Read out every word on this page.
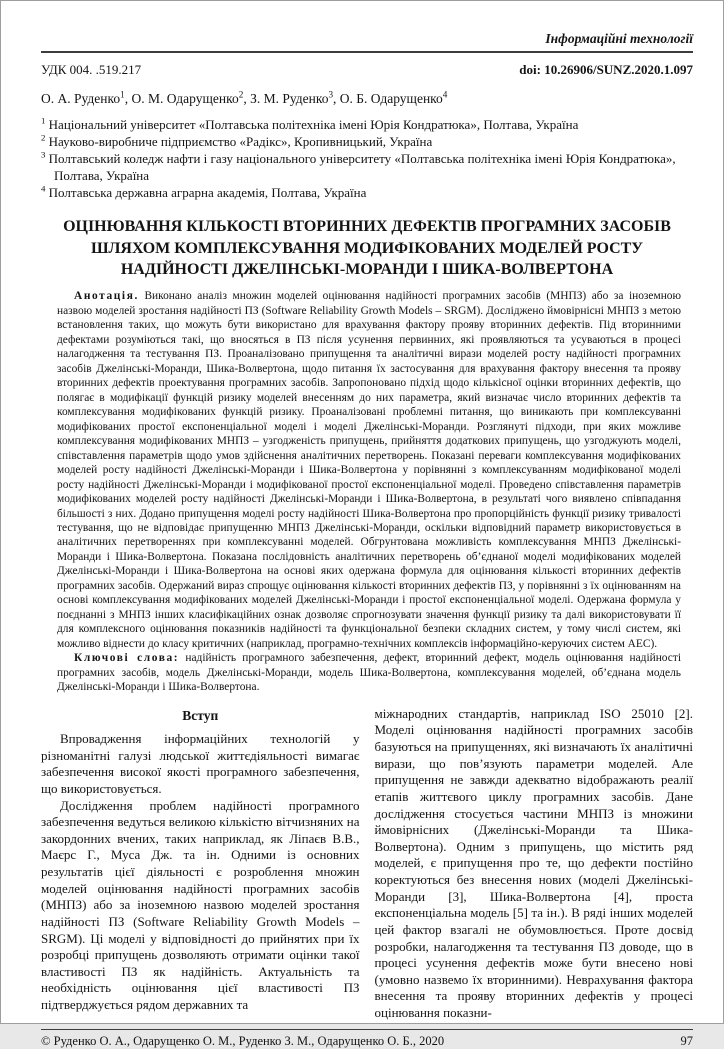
Інформаційні технології
УДК 004. .519.217	doi: 10.26906/SUNZ.2020.1.097
О. А. Руденко$^1$, О. М. Одарущенко$^2$, З. М. Руденко$^3$, О. Б. Одарущенко$^4$
$^1$ Національний університет «Полтавська політехніка імені Юрія Кондратюка», Полтава, Україна
$^2$ Науково-виробниче підприємство «Радікс», Кропивницький, Україна
$^3$ Полтавський коледж нафти і газу національного університету «Полтавська політехніка імені Юрія Кондратюка», Полтава, Україна
$^4$ Полтавська державна аграрна академія, Полтава, Україна
ОЦІНЮВАННЯ КІЛЬКОСТІ ВТОРИННИХ ДЕФЕКТІВ ПРОГРАМНИХ ЗАСОБІВ ШЛЯХОМ КОМПЛЕКСУВАННЯ МОДИФІКОВАНИХ МОДЕЛЕЙ РОСТУ НАДІЙНОСТІ ДЖЕЛІНСЬКІ-МОРАНДИ І ШИКА-ВОЛВЕРТОНА

Анотація. Виконано аналіз множин моделей оцінювання надійності програмних засобів (МНПЗ) або за іноземною назвою моделей зростання надійності ПЗ (Software Reliability Growth Models – SRGM). Досліджено ймовірнісні МНПЗ з метою встановлення таких, що можуть бути використано для врахування фактору прояву вторинних дефектів. Під вторинними дефектами розуміються такі, що вносяться в ПЗ після усунення первинних, які проявляються та усуваються в процесі налагодження та тестування ПЗ. Проаналізовано припущення та аналітичні вирази моделей росту надійності програмних засобів Джелінські-Моранди, Шика-Волвертона, щодо питання їх застосування для врахування фактору внесення та прояву вторинних дефектів проектування програмних засобів. Запропоновано підхід щодо кількісної оцінки вторинних дефектів, що полягає в модифікації функцій ризику моделей внесенням до них параметра, який визначає число вторинних дефектів та комплексування модифікованих функцій ризику. Проаналізовані проблемні питання, що виникають при комплексуванні модифікованих простої експоненціальної моделі і моделі Джелінські-Моранди. Розглянуті підходи, при яких можливе комплексування модифікованих МНПЗ – узгодженість припущень, прийняття додаткових припущень, що узгоджують моделі, співставлення параметрів щодо умов здійснення аналітичних перетворень. Показані переваги комплексування модифікованих моделей росту надійності Джелінські-Моранди і Шика-Волвертона у порівнянні з комплексуванням модифікованої моделі росту надійності Джелінські-Моранди і модифікованої простої експоненціальної моделі. Проведено співставлення параметрів модифікованих моделей росту надійності Джелінські-Моранди і Шика-Волвертона, в результаті чого виявлено співпадання більшості з них. Додано припущення моделі росту надійності Шика-Волвертона про пропорційність функції ризику тривалості тестування, що не відповідає припущенню МНПЗ Джелінські-Моранди, оскільки відповідний параметр використовується в аналітичних перетвореннях при комплексуванні моделей. Обгрунтована можливість комплексування МНПЗ Джелінські-Моранди і Шика-Волвертона. Показана послідовність аналітичних перетворень об’єднаної моделі модифікованих моделей Джелінські-Моранди і Шика-Волвертона на основі яких одержана формула для оцінювання кількості вторинних дефектів програмних засобів. Одержаний вираз спрощує оцінювання кількості вторинних дефектів ПЗ, у порівнянні з їх оцінюванням на основі комплексування модифікованих моделей Джелінські-Моранди і простої експоненціальної моделі. Одержана формула у поєднанні з МНПЗ інших класифікаційних ознак дозволяє спрогнозувати значення функції ризику та далі використовувати її для комплексного оцінювання показників надійності та функціональної безпеки складних систем, у тому числі систем, які можливо віднести до класу критичних (наприклад, програмно-технічних комплексів інформаційно-керуючих систем АЕС).

Ключові слова: надійність програмного забезпечення, дефект, вторинний дефект, модель оцінювання надійності програмних засобів, модель Джелінські-Моранди, модель Шика-Волвертона, комплексування моделей, об’єднана модель Джелінські-Моранди і Шика-Волвертона.

Вступ

Впровадження інформаційних технологій у різноманітні галузі людської життєдіяльності вимагає забезпечення високої якості програмного забезпечення, що використовується.

Дослідження проблем надійності програмного забезпечення ведуться великою кількістю вітчизняних на закордонних вчених, таких наприклад, як Ліпаєв В.В., Маєрс Г., Муса Дж. та ін. Одними із основних результатів цієї діяльності є розроблення множин моделей оцінювання надійності програмних засобів (МНПЗ) або за іноземною назвою моделей зростання надійності ПЗ (Software Reliability Growth Models – SRGM). Ці моделі у відповідності до прийнятих при їх розробці припущень дозволяють отримати оцінки такої властивості ПЗ як надійність. Актуальність та необхідність оцінювання цієї властивості ПЗ підтверджується рядом державних та

міжнародних стандартів, наприклад ISO 25010 [2]. Моделі оцінювання надійності програмних засобів базуються на припущеннях, які визначають їх аналітичні вирази, що пов’язують параметри моделей. Але припущення не завжди адекватно відображають реалії етапів життєвого циклу програмних засобів. Дане дослідження стосується частини МНПЗ із множини ймовірнісних (Джелінські-Моранди та Шика-Волвертона). Одним з припущень, що містить ряд моделей, є припущення про те, що дефекти постійно коректуються без внесення нових (моделі Джелінські-Моранди [3], Шика-Волвертона [4], проста експоненціальна модель [5] та ін.). В ряді інших моделей цей фактор взагалі не обумовлюється. Проте досвід розробки, налагодження та тестування ПЗ доводе, що в процесі усунення дефектів може бути внесено нові (умовно назвемо їх вторинними). Неврахування фактора внесення та прояву вторинних дефектів у процесі оцінювання показни-

© Руденко О. А., Одарущенко О. М., Руденко З. М., Одарущенко О. Б., 2020	97
